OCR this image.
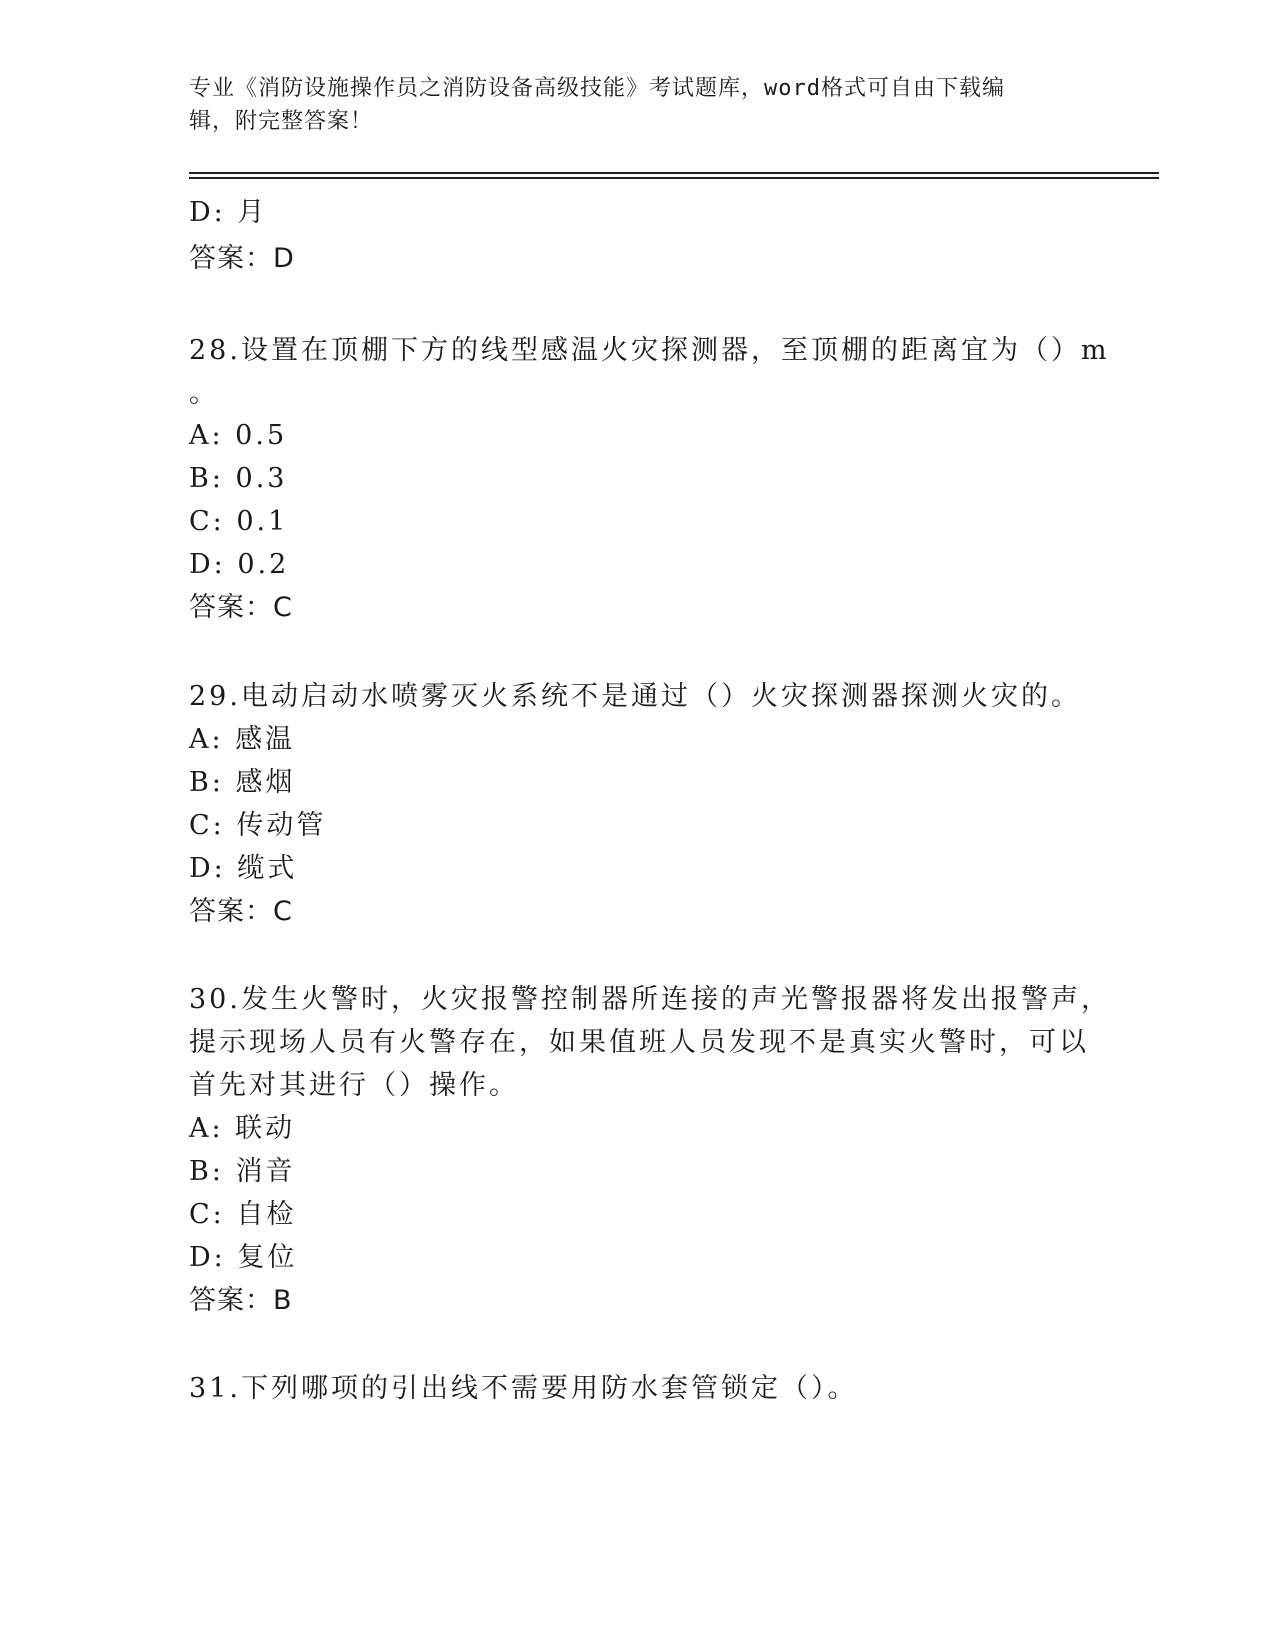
专业《消防设施操作员之消防设备高级技能》考试题库，word格式可自由下载编
辑，附完整答案！
D: 月
答案：D
28.设置在顶棚下方的线型感温火灾探测器，至顶棚的距离宜为（）m
。
A: 0.5
B: 0.3
C: 0.1
D: 0.2
答案：C
29.电动启动水喷雾灭火系统不是通过（）火灾探测器探测火灾的。
A: 感温
B: 感烟
C: 传动管
D: 缆式
答案：C
30.发生火警时，火灾报警控制器所连接的声光警报器将发出报警声，
提示现场人员有火警存在，如果值班人员发现不是真实火警时，可以
首先对其进行（）操作。
A: 联动
B: 消音
C: 自检
D: 复位
答案：B
31.下列哪项的引出线不需要用防水套管锁定（）。
